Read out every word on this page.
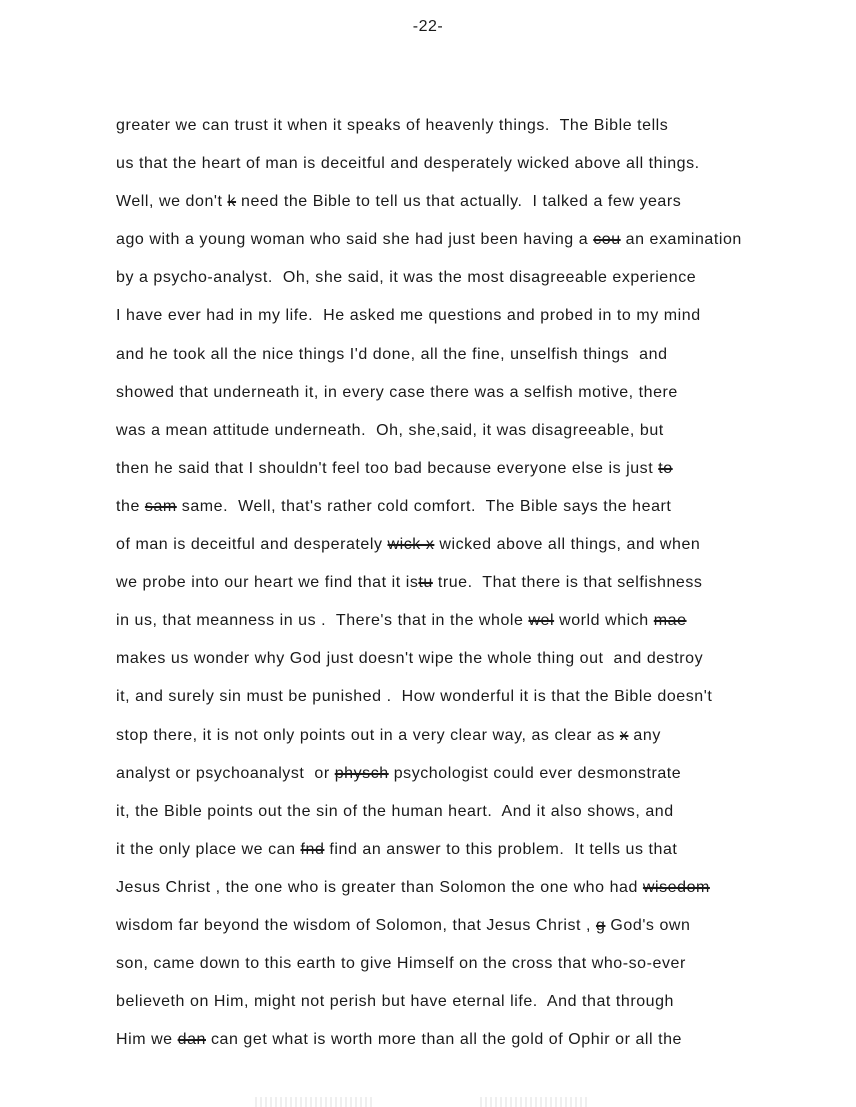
-22-
greater we can trust it when it speaks of heavenly things.  The Bible tells
us that the heart of man is deceitful and desperately wicked above all things.
Well, we don't k need the Bible to tell us that actually.  I talked a few years
ago with a young woman who said she had just been having a cou an examination
by a psycho-analyst.  Oh, she said, it was the most disagreeable experience
I have ever had in my life.  He asked me questions and probed in to my mind
and he took all the nice things I'd done, all the fine, unselfish things  and
showed that underneath it, in every case there was a selfish motive, there
was a mean attitude underneath.  Oh, she,said, it was disagreeable, but
then he said that I shouldn't feel too bad because everyone else is just to
the sam same.  Well, that's rather cold comfort.  The Bible says the heart
of man is deceitful and desperately wick x wicked above all things, and when
we probe into our heart we find that it istu true.  That there is that selfishness
in us, that meanness in us .  There's that in the whole wel world which mae
makes us wonder why God just doesn't wipe the whole thing out  and destroy
it, and surely sin must be punished .  How wonderful it is that the Bible doesn't
stop there, it is not only points out in a very clear way, as clear as x any
analyst or psychoanalyst  or physch psychologist could ever desmonstrate
it, the Bible points out the sin of the human heart.  And it also shows, and
it the only place we can fnd find an answer to this problem.  It tells us that
Jesus Christ , the one who is greater than Solomon the one who had wisedom
wisdom far beyond the wisdom of Solomon, that Jesus Christ , g God's own
son, came down to this earth to give Himself on the cross that who-so-ever
believeth on Him, might not perish but have eternal life.  And that through
Him we dan can get what is worth more than all the gold of Ophir or all the
